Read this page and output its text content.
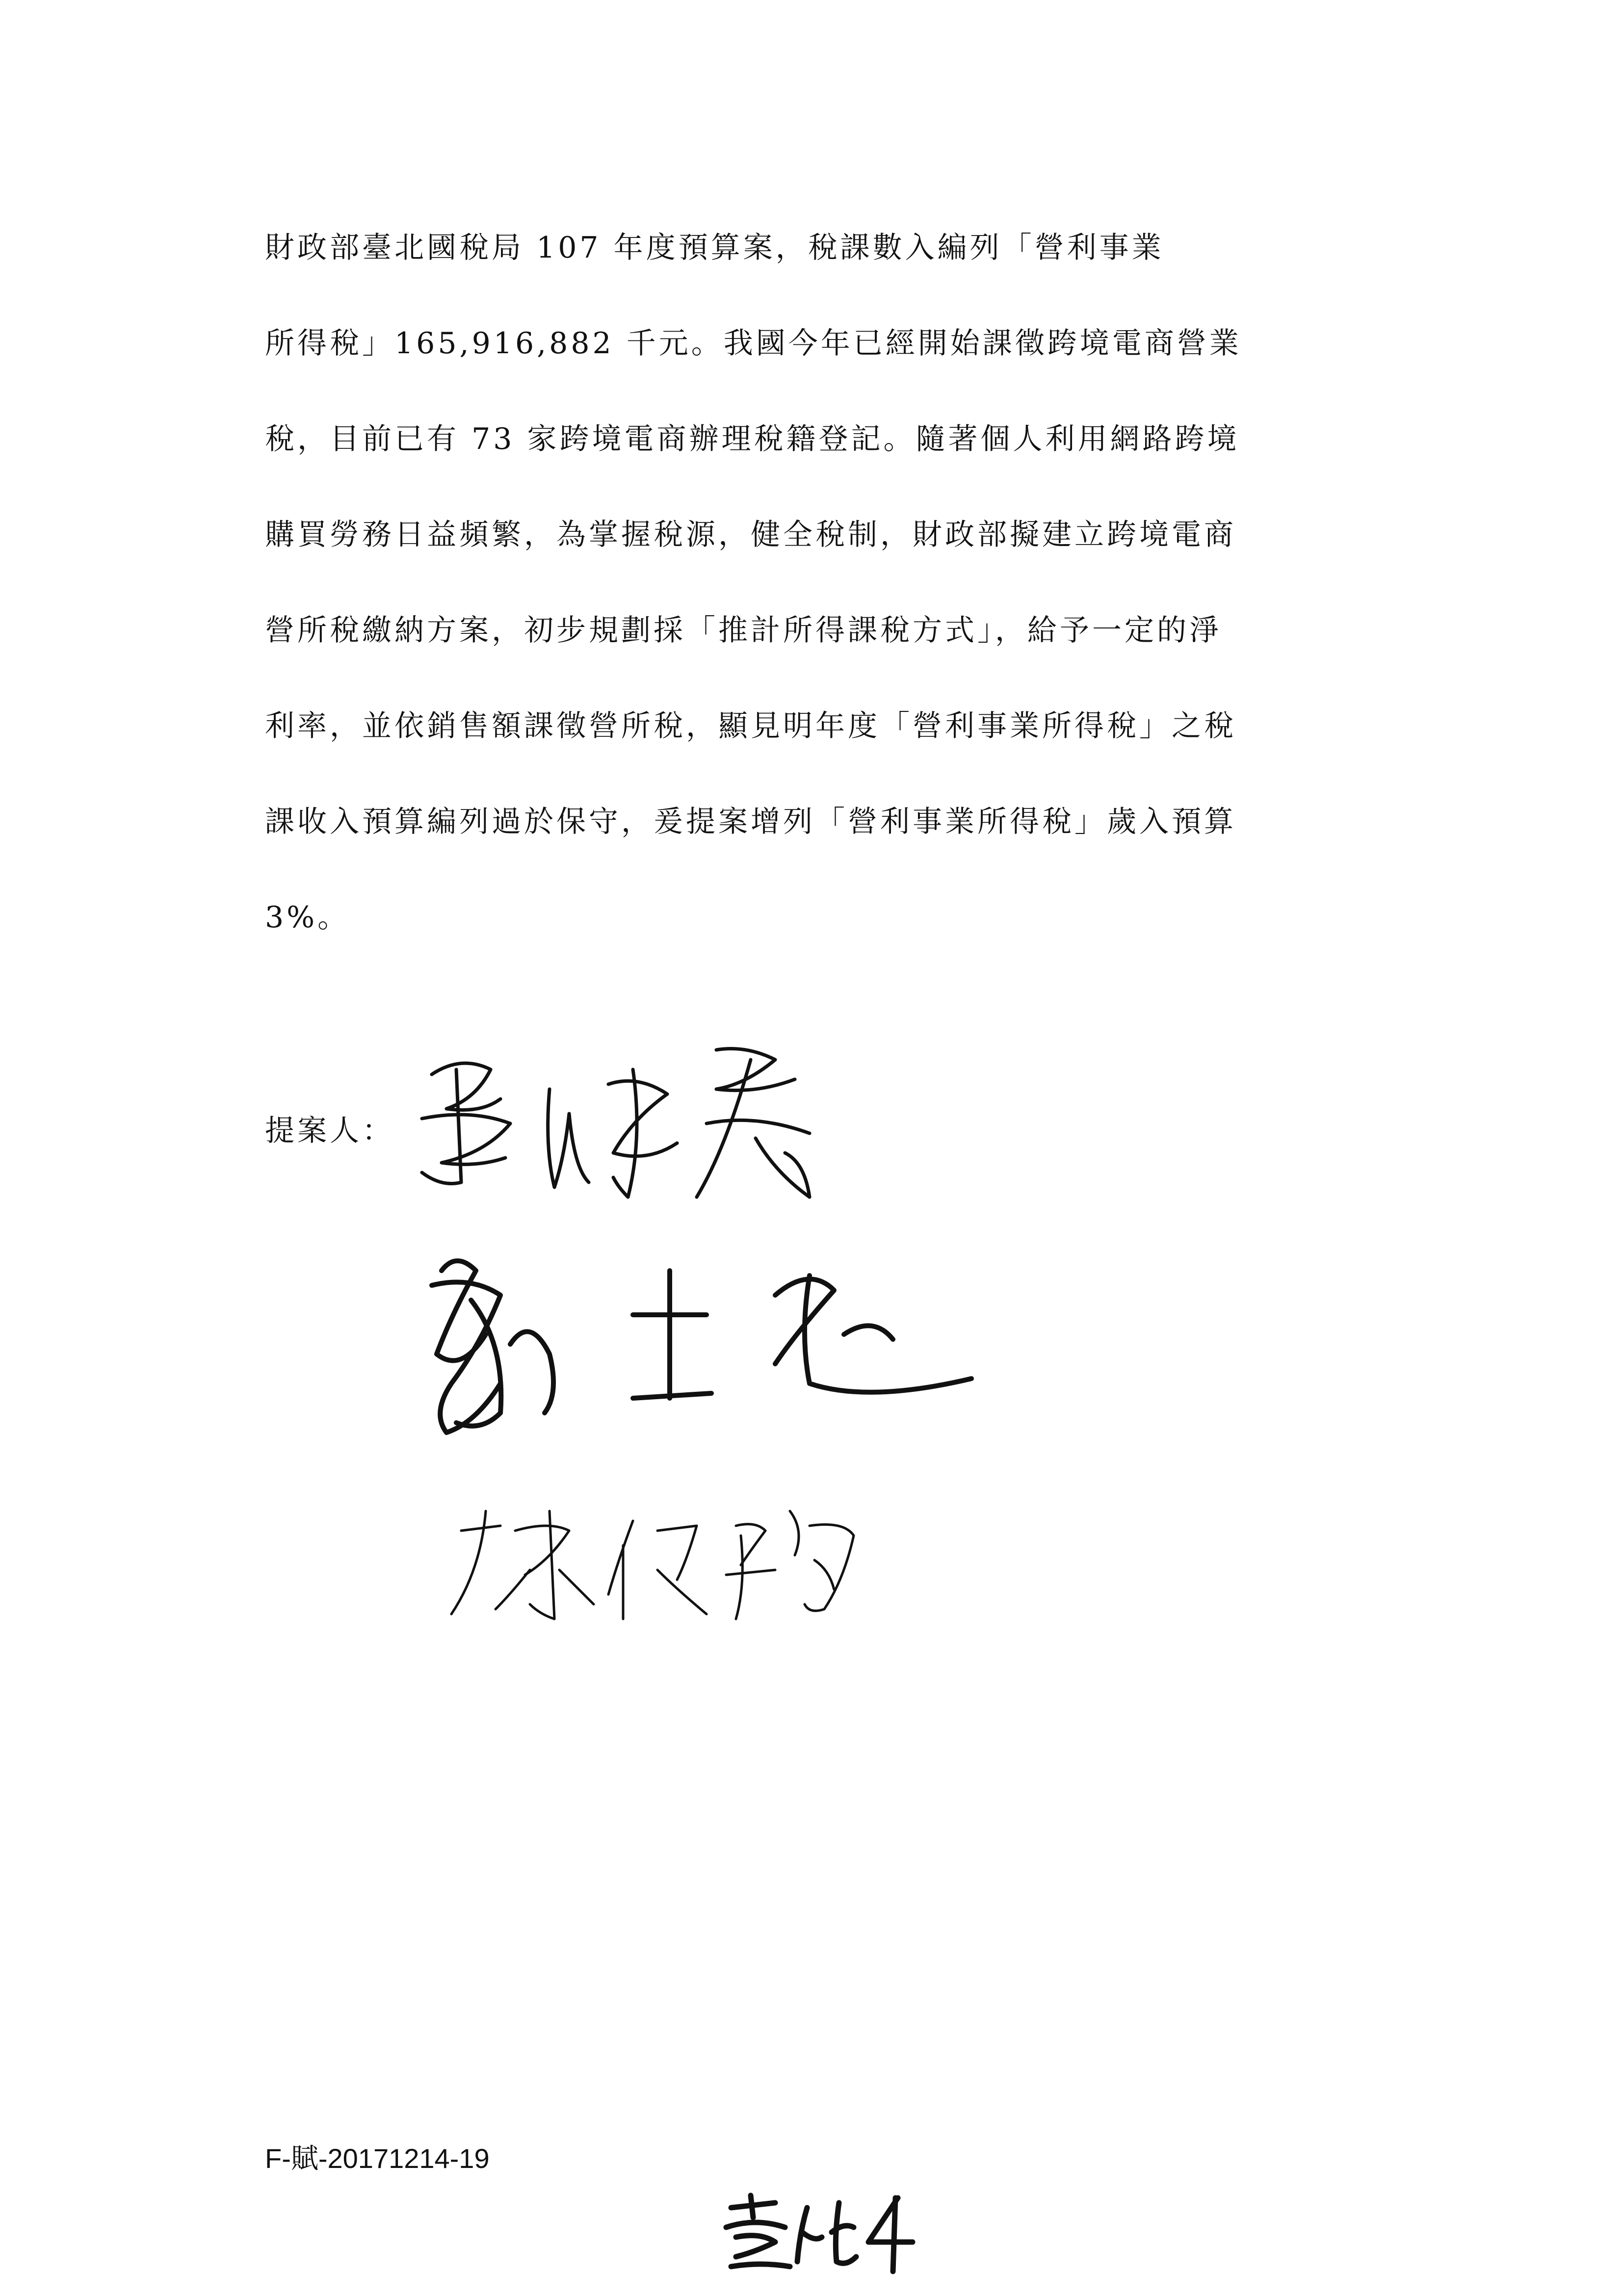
財政部臺北國稅局 107 年度預算案，稅課數入編列「營利事業
所得稅」165,916,882 千元。我國今年已經開始課徵跨境電商營業
稅，目前已有 73 家跨境電商辦理稅籍登記。隨著個人利用網路跨境
購買勞務日益頻繁，為掌握稅源，健全稅制，財政部擬建立跨境電商
營所稅繳納方案，初步規劃採「推計所得課稅方式」，給予一定的淨
利率，並依銷售額課徵營所稅，顯見明年度「營利事業所得稅」之稅
課收入預算編列過於保守，爰提案增列「營利事業所得稅」歲入預算
3%。
提案人：
F-賦-20171214-19
